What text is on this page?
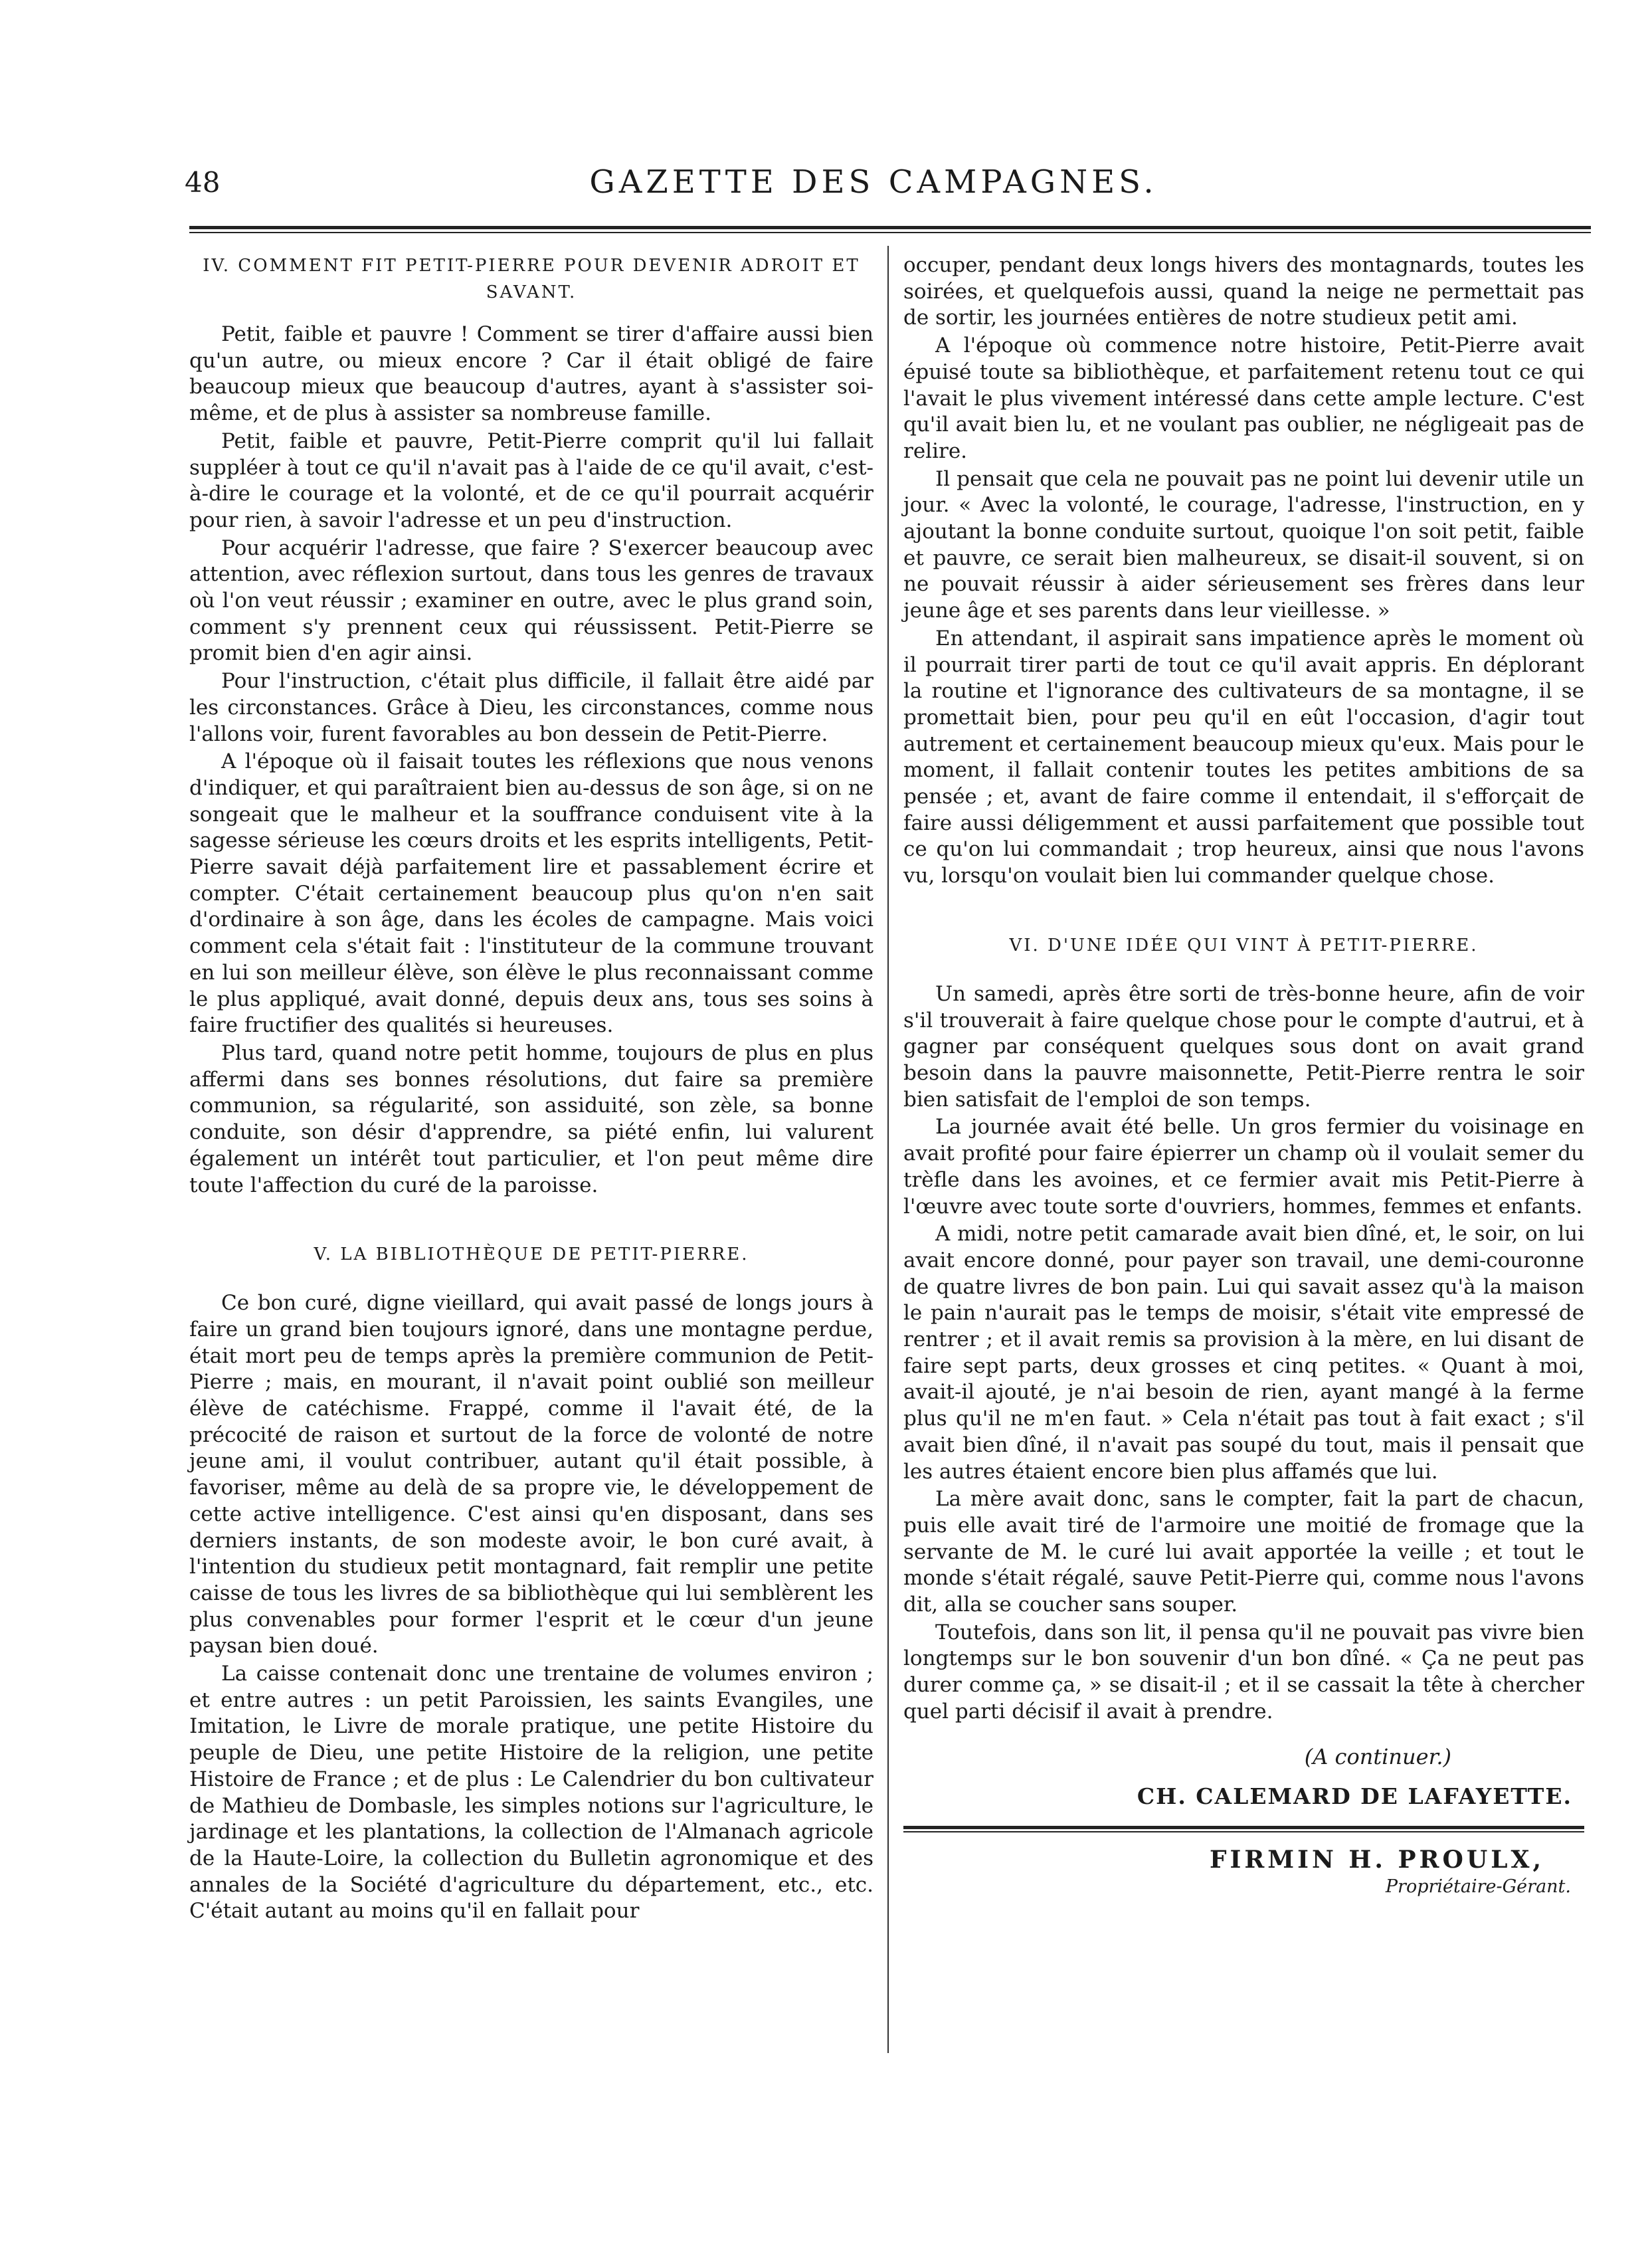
48	GAZETTE DES CAMPAGNES.
IV. COMMENT FIT PETIT-PIERRE POUR DEVENIR ADROIT ET SAVANT.

Petit, faible et pauvre ! Comment se tirer d'affaire aussi bien qu'un autre, ou mieux encore ? Car il était obligé de faire beaucoup mieux que beaucoup d'autres, ayant à s'assister soi-même, et de plus à assister sa nombreuse famille.

Petit, faible et pauvre, Petit-Pierre comprit qu'il lui fallait suppléer à tout ce qu'il n'avait pas à l'aide de ce qu'il avait, c'est-à-dire le courage et la volonté, et de ce qu'il pourrait acquérir pour rien, à savoir l'adresse et un peu d'instruction.

Pour acquérir l'adresse, que faire ? S'exercer beaucoup avec attention, avec réflexion surtout, dans tous les genres de travaux où l'on veut réussir ; examiner en outre, avec le plus grand soin, comment s'y prennent ceux qui réussissent. Petit-Pierre se promit bien d'en agir ainsi.

Pour l'instruction, c'était plus difficile, il fallait être aidé par les circonstances. Grâce à Dieu, les circonstances, comme nous l'allons voir, furent favorables au bon dessein de Petit-Pierre.

A l'époque où il faisait toutes les réflexions que nous venons d'indiquer, et qui paraîtraient bien au-dessus de son âge, si on ne songeait que le malheur et la souffrance conduisent vite à la sagesse sérieuse les cœurs droits et les esprits intelligents, Petit-Pierre savait déjà parfaitement lire et passablement écrire et compter. C'était certainement beaucoup plus qu'on n'en sait d'ordinaire à son âge, dans les écoles de campagne. Mais voici comment cela s'était fait : l'instituteur de la commune trouvant en lui son meilleur élève, son élève le plus reconnaissant comme le plus appliqué, avait donné, depuis deux ans, tous ses soins à faire fructifier des qualités si heureuses.

Plus tard, quand notre petit homme, toujours de plus en plus affermi dans ses bonnes résolutions, dut faire sa première communion, sa régularité, son assiduité, son zèle, sa bonne conduite, son désir d'apprendre, sa piété enfin, lui valurent également un intérêt tout particulier, et l'on peut même dire toute l'affection du curé de la paroisse.

V. LA BIBLIOTHÈQUE DE PETIT-PIERRE.

Ce bon curé, digne vieillard, qui avait passé de longs jours à faire un grand bien toujours ignoré, dans une montagne perdue, était mort peu de temps après la première communion de Petit-Pierre ; mais, en mourant, il n'avait point oublié son meilleur élève de catéchisme. Frappé, comme il l'avait été, de la précocité de raison et surtout de la force de volonté de notre jeune ami, il voulut contribuer, autant qu'il était possible, à favoriser, même au delà de sa propre vie, le développement de cette active intelligence. C'est ainsi qu'en disposant, dans ses derniers instants, de son modeste avoir, le bon curé avait, à l'intention du studieux petit montagnard, fait remplir une petite caisse de tous les livres de sa bibliothèque qui lui semblèrent les plus convenables pour former l'esprit et le cœur d'un jeune paysan bien doué.

La caisse contenait donc une trentaine de volumes environ ; et entre autres : un petit Paroissien, les saints Evangiles, une Imitation, le Livre de morale pratique, une petite Histoire du peuple de Dieu, une petite Histoire de la religion, une petite Histoire de France ; et de plus : Le Calendrier du bon cultivateur de Mathieu de Dombasle, les simples notions sur l'agriculture, le jardinage et les plantations, la collection de l'Almanach agricole de la Haute-Loire, la collection du Bulletin agronomique et des annales de la Société d'agriculture du département, etc., etc. C'était autant au moins qu'il en fallait pour

occuper, pendant deux longs hivers des montagnards, toutes les soirées, et quelquefois aussi, quand la neige ne permettait pas de sortir, les journées entières de notre studieux petit ami.

A l'époque où commence notre histoire, Petit-Pierre avait épuisé toute sa bibliothèque, et parfaitement retenu tout ce qui l'avait le plus vivement intéressé dans cette ample lecture. C'est qu'il avait bien lu, et ne voulant pas oublier, ne négligeait pas de relire.

Il pensait que cela ne pouvait pas ne point lui devenir utile un jour. « Avec la volonté, le courage, l'adresse, l'instruction, en y ajoutant la bonne conduite surtout, quoique l'on soit petit, faible et pauvre, ce serait bien malheureux, se disait-il souvent, si on ne pouvait réussir à aider sérieusement ses frères dans leur jeune âge et ses parents dans leur vieillesse. »

En attendant, il aspirait sans impatience après le moment où il pourrait tirer parti de tout ce qu'il avait appris. En déplorant la routine et l'ignorance des cultivateurs de sa montagne, il se promettait bien, pour peu qu'il en eût l'occasion, d'agir tout autrement et certainement beaucoup mieux qu'eux. Mais pour le moment, il fallait contenir toutes les petites ambitions de sa pensée ; et, avant de faire comme il entendait, il s'efforçait de faire aussi déligemment et aussi parfaitement que possible tout ce qu'on lui commandait ; trop heureux, ainsi que nous l'avons vu, lorsqu'on voulait bien lui commander quelque chose.

VI. D'UNE IDÉE QUI VINT À PETIT-PIERRE.

Un samedi, après être sorti de très-bonne heure, afin de voir s'il trouverait à faire quelque chose pour le compte d'autrui, et à gagner par conséquent quelques sous dont on avait grand besoin dans la pauvre maisonnette, Petit-Pierre rentra le soir bien satisfait de l'emploi de son temps.

La journée avait été belle. Un gros fermier du voisinage en avait profité pour faire épierrer un champ où il voulait semer du trèfle dans les avoines, et ce fermier avait mis Petit-Pierre à l'œuvre avec toute sorte d'ouvriers, hommes, femmes et enfants.

A midi, notre petit camarade avait bien dîné, et, le soir, on lui avait encore donné, pour payer son travail, une demi-couronne de quatre livres de bon pain. Lui qui savait assez qu'à la maison le pain n'aurait pas le temps de moisir, s'était vite empressé de rentrer ; et il avait remis sa provision à la mère, en lui disant de faire sept parts, deux grosses et cinq petites. « Quant à moi, avait-il ajouté, je n'ai besoin de rien, ayant mangé à la ferme plus qu'il ne m'en faut. » Cela n'était pas tout à fait exact ; s'il avait bien dîné, il n'avait pas soupé du tout, mais il pensait que les autres étaient encore bien plus affamés que lui.

La mère avait donc, sans le compter, fait la part de chacun, puis elle avait tiré de l'armoire une moitié de fromage que la servante de M. le curé lui avait apportée la veille ; et tout le monde s'était régalé, sauve Petit-Pierre qui, comme nous l'avons dit, alla se coucher sans souper.

Toutefois, dans son lit, il pensa qu'il ne pouvait pas vivre bien longtemps sur le bon souvenir d'un bon dîné. « Ça ne peut pas durer comme ça, » se disait-il ; et il se cassait la tête à chercher quel parti décisif il avait à prendre.

(A continuer.)
CH. CALEMARD DE LAFAYETTE.
FIRMIN H. PROULX,
Propriétaire-Gérant.
